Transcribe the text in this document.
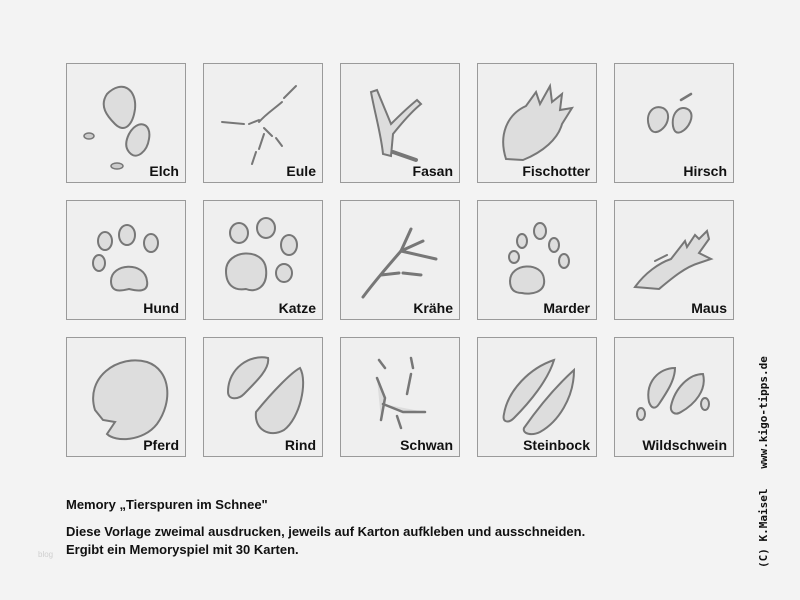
Elch	Eule	Fasan	Fischotter	Hirsch
Hund	Katze	Krähe	Marder	Maus
Pferd	Rind	Schwan	Steinbock	Wildschwein	(C) K.Maisel   www.kigo-tipps.de
Memory „Tierspuren im Schnee"
Diese Vorlage zweimal ausdrucken, jeweils auf Karton aufkleben und ausschneiden.
Ergibt ein Memoryspiel mit 30 Karten.
blog
